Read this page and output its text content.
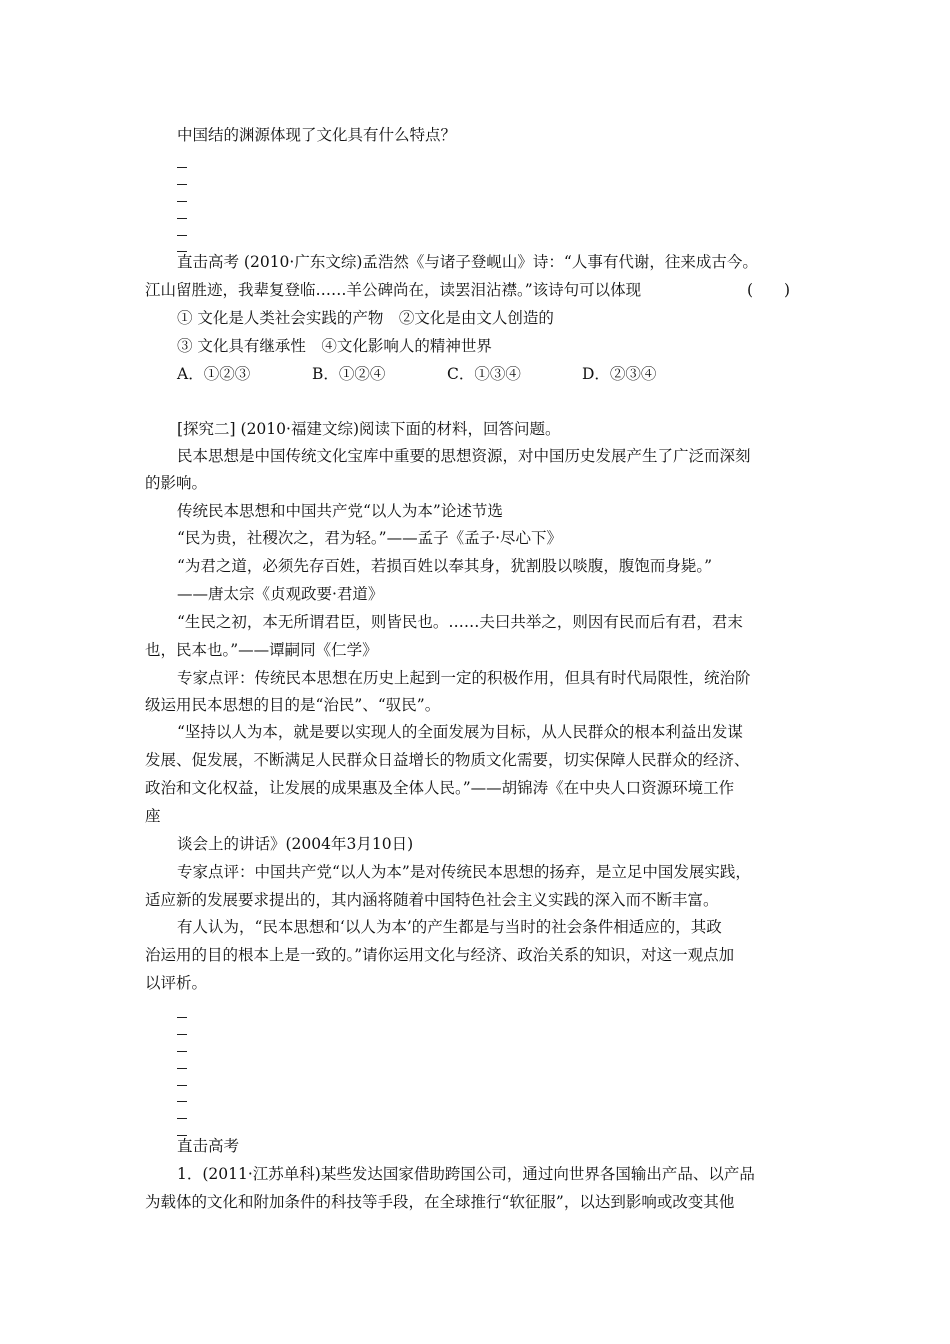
中国结的渊源体现了文化具有什么特点？
直击高考 (2010·广东文综)孟浩然《与诸子登岘山》诗：“人事有代谢，往来成古今。
江山留胜迹，我辈复登临……羊公碑尚在，读罢泪沾襟。”该诗句可以体现	(　　)
① 文化是人类社会实践的产物　②文化是由文人创造的
③ 文化具有继承性　④文化影响人的精神世界
A．①②③	B．①②④	C．①③④	D．②③④
[探究二] (2010·福建文综)阅读下面的材料，回答问题。
民本思想是中国传统文化宝库中重要的思想资源，对中国历史发展产生了广泛而深刻
的影响。
传统民本思想和中国共产党“以人为本”论述节选
“民为贵，社稷次之，君为轻。”——孟子《孟子·尽心下》
“为君之道，必须先存百姓，若损百姓以奉其身，犹割股以啖腹，腹饱而身毙。”
——唐太宗《贞观政要·君道》
“生民之初，本无所谓君臣，则皆民也。……夫曰共举之，则因有民而后有君，君末
也，民本也。”——谭嗣同《仁学》
专家点评：传统民本思想在历史上起到一定的积极作用，但具有时代局限性，统治阶
级运用民本思想的目的是“治民”、“驭民”。
“坚持以人为本，就是要以实现人的全面发展为目标，从人民群众的根本利益出发谋
发展、促发展，不断满足人民群众日益增长的物质文化需要，切实保障人民群众的经济、
政治和文化权益，让发展的成果惠及全体人民。”——胡锦涛《在中央人口资源环境工作
座
谈会上的讲话》(2004年3月10日)
专家点评：中国共产党“以人为本”是对传统民本思想的扬弃，是立足中国发展实践，
适应新的发展要求提出的，其内涵将随着中国特色社会主义实践的深入而不断丰富。
有人认为，“民本思想和‘以人为本’的产生都是与当时的社会条件相适应的，其政
治运用的目的根本上是一致的。”请你运用文化与经济、政治关系的知识，对这一观点加
以评析。
直击高考
1．(2011·江苏单科)某些发达国家借助跨国公司，通过向世界各国输出产品、以产品
为载体的文化和附加条件的科技等手段，在全球推行“软征服”，以达到影响或改变其他
